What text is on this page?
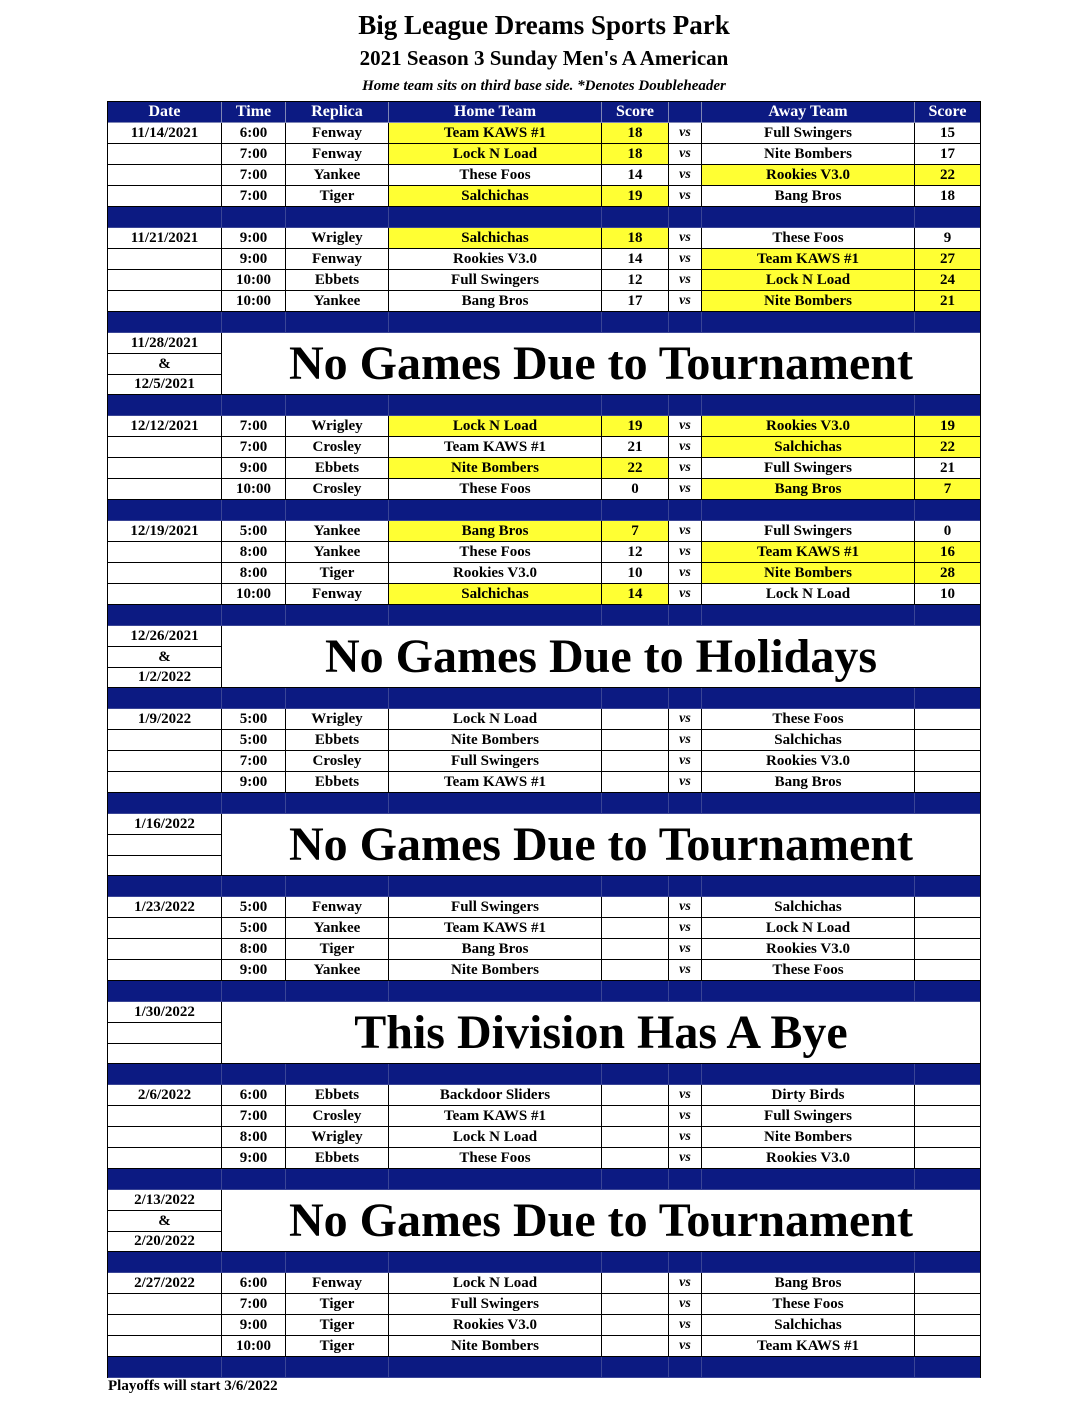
Big League Dreams Sports Park
2021 Season 3 Sunday Men's A American
Home team sits on third base side. *Denotes Doubleheader
Date	Time	Replica	Home Team	Score	Away Team	Score
11/14/2021	6:00	Fenway	Team KAWS #1	18	vs	Full Swingers	15
7:00	Fenway	Lock N Load	18	vs	Nite Bombers	17
7:00	Yankee	These Foos	14	vs	Rookies V3.0	22
7:00	Tiger	Salchichas	19	vs	Bang Bros	18
11/21/2021	9:00	Wrigley	Salchichas	18	vs	These Foos	9
9:00	Fenway	Rookies V3.0	14	vs	Team KAWS #1	27
10:00	Ebbets	Full Swingers	12	vs	Lock N Load	24
10:00	Yankee	Bang Bros	17	vs	Nite Bombers	21
11/28/2021
&
12/5/2021	No Games Due to Tournament
12/12/2021	7:00	Wrigley	Lock N Load	19	vs	Rookies V3.0	19
7:00	Crosley	Team KAWS #1	21	vs	Salchichas	22
9:00	Ebbets	Nite Bombers	22	vs	Full Swingers	21
10:00	Crosley	These Foos	0	vs	Bang Bros	7
12/19/2021	5:00	Yankee	Bang Bros	7	vs	Full Swingers	0
8:00	Yankee	These Foos	12	vs	Team KAWS #1	16
8:00	Tiger	Rookies V3.0	10	vs	Nite Bombers	28
10:00	Fenway	Salchichas	14	vs	Lock N Load	10
12/26/2021
&
1/2/2022	No Games Due to Holidays
1/9/2022	5:00	Wrigley	Lock N Load	vs	These Foos
5:00	Ebbets	Nite Bombers	vs	Salchichas
7:00	Crosley	Full Swingers	vs	Rookies V3.0
9:00	Ebbets	Team KAWS #1	vs	Bang Bros
1/16/2022	No Games Due to Tournament
1/23/2022	5:00	Fenway	Full Swingers	vs	Salchichas
5:00	Yankee	Team KAWS #1	vs	Lock N Load
8:00	Tiger	Bang Bros	vs	Rookies V3.0
9:00	Yankee	Nite Bombers	vs	These Foos
1/30/2022	This Division Has A Bye
2/6/2022	6:00	Ebbets	Backdoor Sliders	vs	Dirty Birds
7:00	Crosley	Team KAWS #1	vs	Full Swingers
8:00	Wrigley	Lock N Load	vs	Nite Bombers
9:00	Ebbets	These Foos	vs	Rookies V3.0
2/13/2022
&
2/20/2022	No Games Due to Tournament
2/27/2022	6:00	Fenway	Lock N Load	vs	Bang Bros
7:00	Tiger	Full Swingers	vs	These Foos
9:00	Tiger	Rookies V3.0	vs	Salchichas
10:00	Tiger	Nite Bombers	vs	Team KAWS #1
Playoffs will start 3/6/2022
